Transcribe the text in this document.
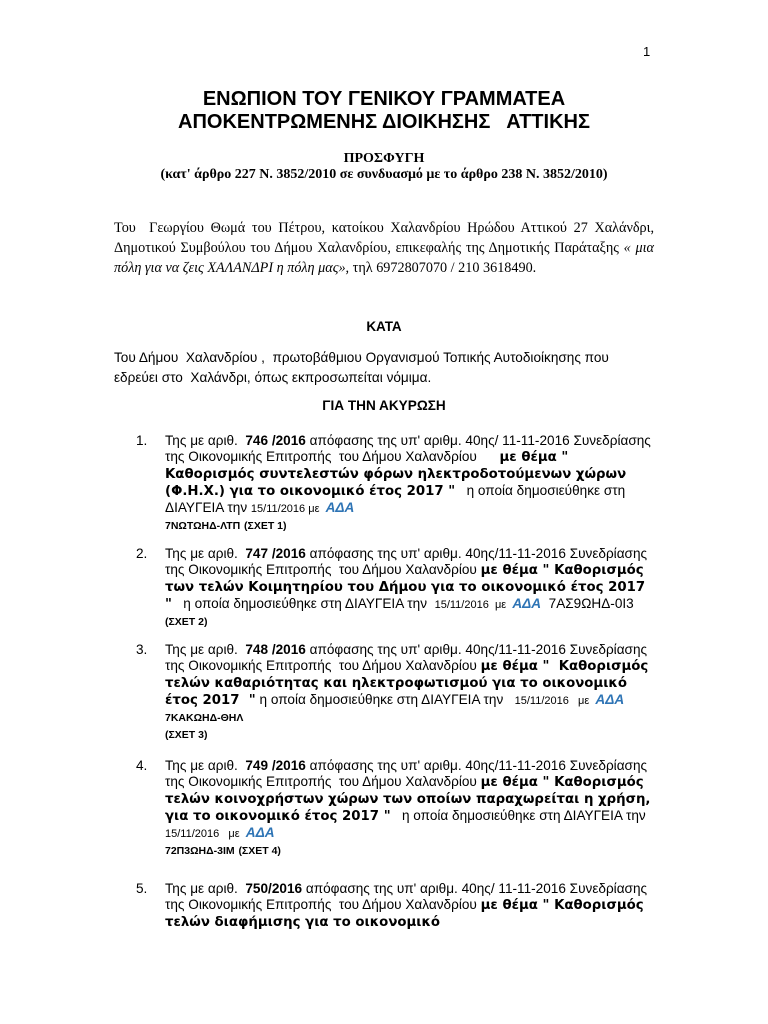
1
ΕΝΩΠΙΟΝ ΤΟΥ ΓΕΝΙΚΟΥ ΓΡΑΜΜΑΤΕΑ
ΑΠΟΚΕΝΤΡΩΜΕΝΗΣ ΔΙΟΙΚΗΣΗΣ   ΑΤΤΙΚΗΣ
ΠΡΟΣΦΥΓΗ
(κατ' άρθρο 227 Ν. 3852/2010 σε συνδυασμό με το άρθρο 238 Ν. 3852/2010)
Του  Γεωργίου Θωμά του Πέτρου, κατοίκου Χαλανδρίου Ηρώδου Αττικού 27 Χαλάνδρι,  Δημοτικού Συμβούλου του Δήμου Χαλανδρίου, επικεφαλής της Δημοτικής Παράταξης « μια πόλη για να ζεις ΧΑΛΑΝΔΡΙ η πόλη μας», τηλ 6972807070 / 210 3618490.
ΚΑΤΑ
Του Δήμου  Χαλανδρίου ,  πρωτοβάθμιου Οργανισμού Τοπικής Αυτοδιοίκησης που εδρεύει στο  Χαλάνδρι, όπως εκπροσωπείται νόμιμα.
ΓΙΑ ΤΗΝ ΑΚΥΡΩΣΗ
1. Της με αριθ.  746 /2016 απόφασης της υπ' αριθμ. 40ης/ 11-11-2016 Συνεδρίασης  της Οικονομικής Επιτροπής  του Δήμου Χαλανδρίου      με θέμα " Καθορισμός συντελεστών φόρων ηλεκτροδοτούμενων χώρων (Φ.Η.Χ.) για το οικονομικό έτος 2017 "   η οποία δημοσιεύθηκε στη ΔΙΑΥΓΕΙΑ την 15/11/2016 με  ΑΔΑ
7ΝΩΤΩΗΔ-ΛΤΠ (ΣΧΕΤ 1)
2. Της με αριθ.  747 /2016 απόφασης της υπ' αριθμ. 40ης/11-11-2016 Συνεδρίασης  της Οικονομικής Επιτροπής  του Δήμου Χαλανδρίου με θέμα " Καθορισμός των τελών Κοιμητηρίου του Δήμου για το οικονομικό έτος 2017        "   η οποία δημοσιεύθηκε στη ΔΙΑΥΓΕΙΑ την  15/11/2016  με  ΑΔΑ 7ΑΣ9ΩΗΔ-0Ι3 (ΣΧΕΤ 2)
3. Της με αριθ.  748 /2016 απόφασης της υπ' αριθμ. 40ης/11-11-2016 Συνεδρίασης  της Οικονομικής Επιτροπής  του Δήμου Χαλανδρίου με θέμα "  Καθορισμός τελών καθαριότητας και ηλεκτροφωτισμού για το οικονομικό έτος 2017  " η οποία δημοσιεύθηκε στη ΔΙΑΥΓΕΙΑ την   15/11/2016   με  ΑΔΑ   7ΚΑΚΩΗΔ-ΘΗΛ
(ΣΧΕΤ 3)
4. Της με αριθ.  749 /2016 απόφασης της υπ' αριθμ. 40ης/11-11-2016 Συνεδρίασης  της Οικονομικής Επιτροπής  του Δήμου Χαλανδρίου με θέμα " Καθορισμός τελών κοινοχρήστων χώρων των οποίων παραχωρείται η χρήση, για το οικονομικό έτος 2017 "   η οποία δημοσιεύθηκε στη ΔΙΑΥΓΕΙΑ την   15/11/2016   με  ΑΔΑ
72Π3ΩΗΔ-3ΙΜ (ΣΧΕΤ 4)
5. Της με αριθ.  750/2016 απόφασης της υπ' αριθμ. 40ης/ 11-11-2016 Συνεδρίασης  της Οικονομικής Επιτροπής  του Δήμου Χαλανδρίου με θέμα " Καθορισμός τελών διαφήμισης για το οικονομικό
